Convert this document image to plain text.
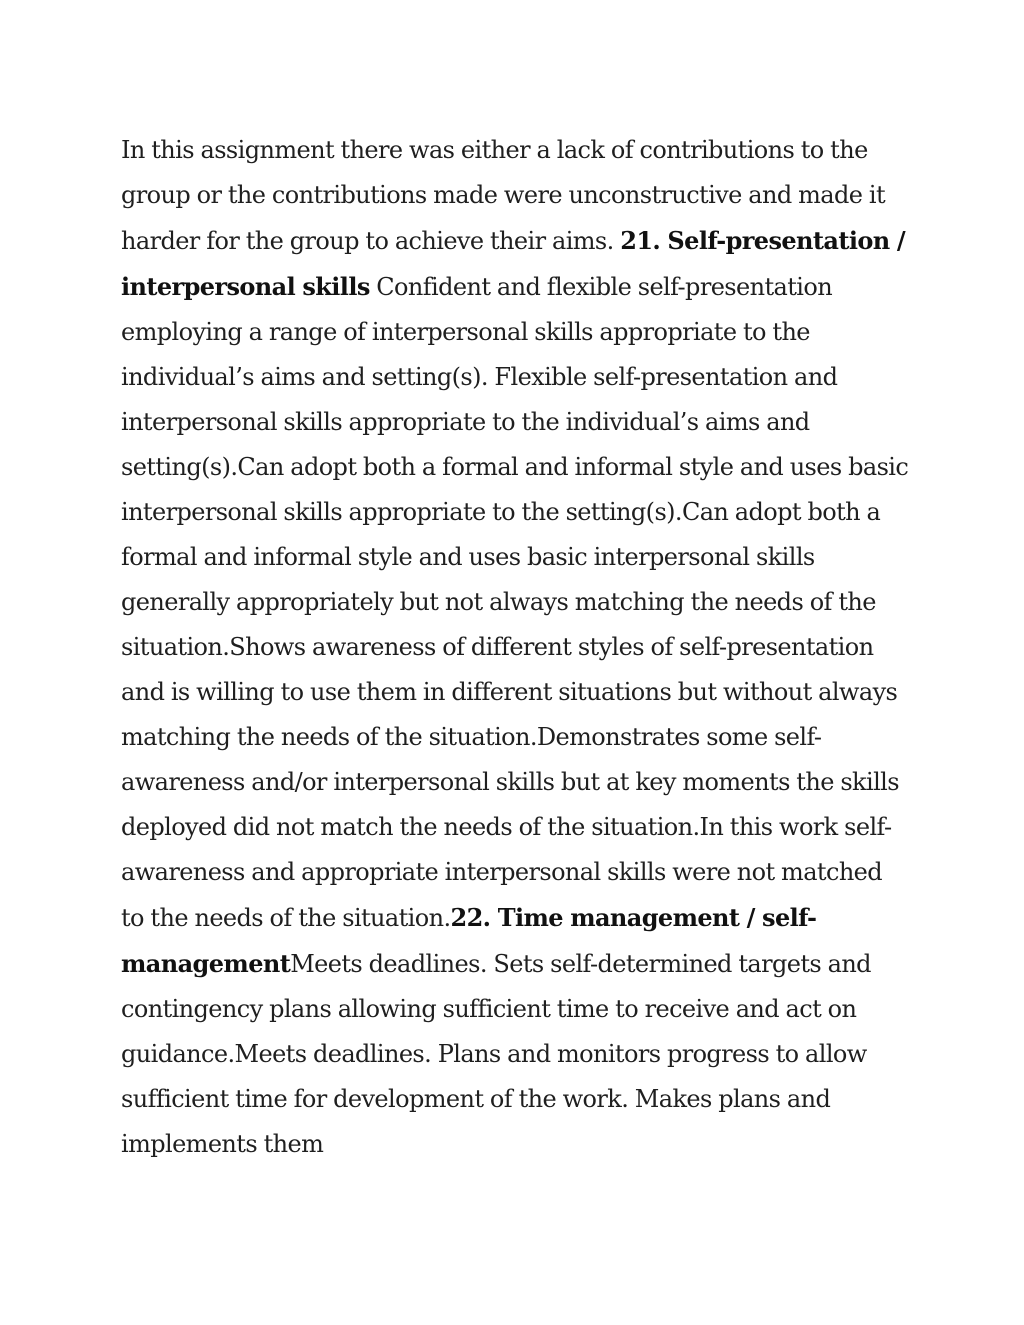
In this assignment there was either a lack of contributions to the group or the contributions made were unconstructive and made it harder for the group to achieve their aims. 21. Self-presentation / interpersonal skills Confident and flexible self-presentation employing a range of interpersonal skills appropriate to the individual’s aims and setting(s). Flexible self-presentation and interpersonal skills appropriate to the individual’s aims and setting(s).Can adopt both a formal and informal style and uses basic interpersonal skills appropriate to the setting(s).Can adopt both a formal and informal style and uses basic interpersonal skills generally appropriately but not always matching the needs of the situation.Shows awareness of different styles of self-presentation and is willing to use them in different situations but without always matching the needs of the situation.Demonstrates some self-awareness and/or interpersonal skills but at key moments the skills deployed did not match the needs of the situation.In this work self-awareness and appropriate interpersonal skills were not matched to the needs of the situation.22. Time management / self-managementMeets deadlines. Sets self-determined targets and contingency plans allowing sufficient time to receive and act on guidance.Meets deadlines. Plans and monitors progress to allow sufficient time for development of the work. Makes plans and implements them
